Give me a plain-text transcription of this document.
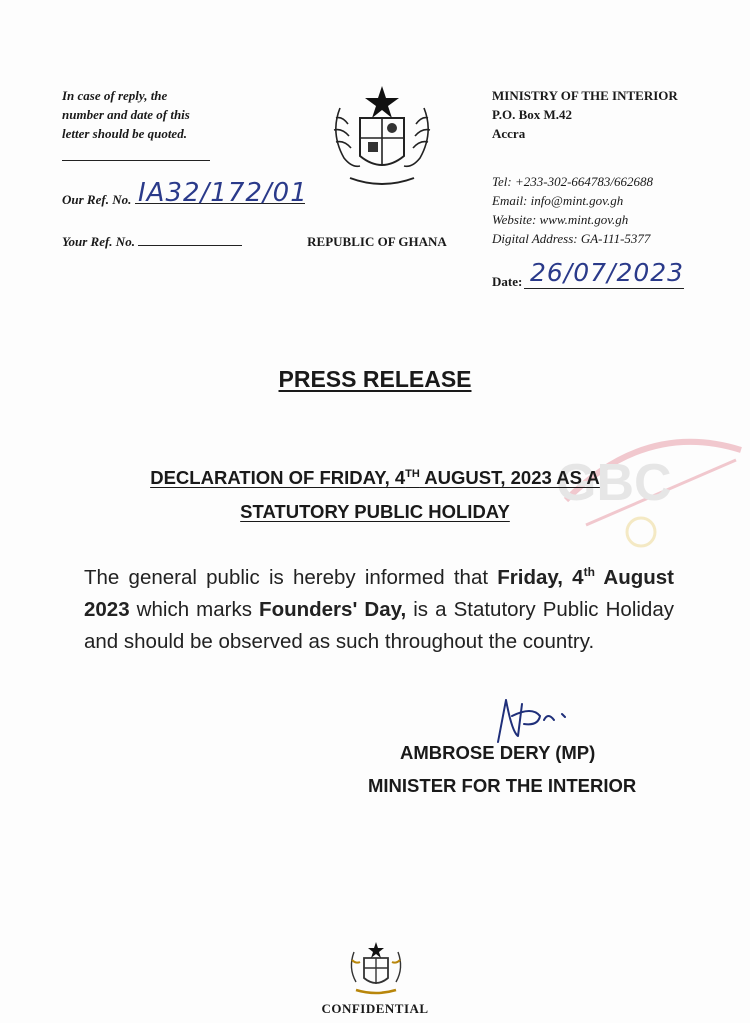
In case of reply, the
number and date of this
letter should be quoted.
Our Ref. No. IA32/172/01
Your Ref. No.	REPUBLIC OF GHANA
MINISTRY OF THE INTERIOR
P.O. Box M.42
Accra
Tel: +233-302-664783/662688
Email: info@mint.gov.gh
Website: www.mint.gov.gh
Digital Address: GA-111-5377
Date: 26/07/2023
GBC
PRESS RELEASE
DECLARATION OF FRIDAY, 4TH AUGUST, 2023 AS A
STATUTORY PUBLIC HOLIDAY
The general public is hereby informed that Friday, 4th August 2023 which marks Founders' Day, is a Statutory Public Holiday and should be observed as such throughout the country.
AMBROSE DERY (MP)
MINISTER FOR THE INTERIOR
CONFIDENTIAL
